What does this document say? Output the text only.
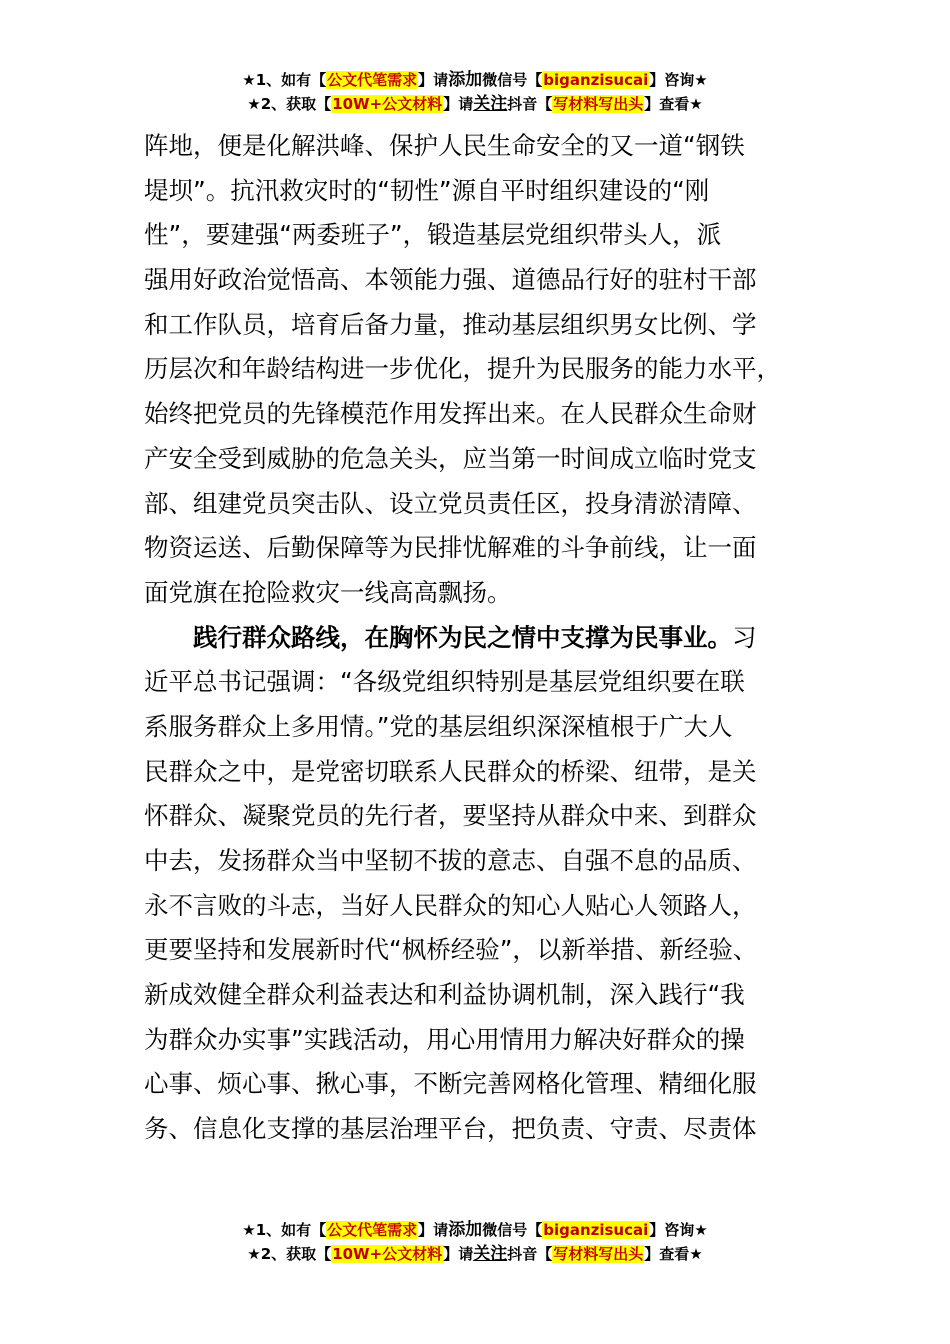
★1、如有【公文代笔需求】请添加微信号【biganzisucai】咨询★
★2、获取【10W+公文材料】请关注抖音【写材料写出头】查看★
阵地，便是化解洪峰、保护人民生命安全的又一道“钢铁
堤坝”。抗汛救灾时的“韧性”源自平时组织建设的“刚
性”，要建强“两委班子”，锻造基层党组织带头人，派
强用好政治觉悟高、本领能力强、道德品行好的驻村干部
和工作队员，培育后备力量，推动基层组织男女比例、学
历层次和年龄结构进一步优化，提升为民服务的能力水平，
始终把党员的先锋模范作用发挥出来。在人民群众生命财
产安全受到威胁的危急关头，应当第一时间成立临时党支
部、组建党员突击队、设立党员责任区，投身清淤清障、
物资运送、后勤保障等为民排忧解难的斗争前线，让一面
面党旗在抢险救灾一线高高飘扬。
践行群众路线，在胸怀为民之情中支撑为民事业。习
近平总书记强调：“各级党组织特别是基层党组织要在联
系服务群众上多用情。”党的基层组织深深植根于广大人
民群众之中，是党密切联系人民群众的桥梁、纽带，是关
怀群众、凝聚党员的先行者，要坚持从群众中来、到群众
中去，发扬群众当中坚韧不拔的意志、自强不息的品质、
永不言败的斗志，当好人民群众的知心人贴心人领路人，
更要坚持和发展新时代“枫桥经验”，以新举措、新经验、
新成效健全群众利益表达和利益协调机制，深入践行“我
为群众办实事”实践活动，用心用情用力解决好群众的操
心事、烦心事、揪心事，不断完善网格化管理、精细化服
务、信息化支撑的基层治理平台，把负责、守责、尽责体
★1、如有【公文代笔需求】请添加微信号【biganzisucai】咨询★
★2、获取【10W+公文材料】请关注抖音【写材料写出头】查看★
